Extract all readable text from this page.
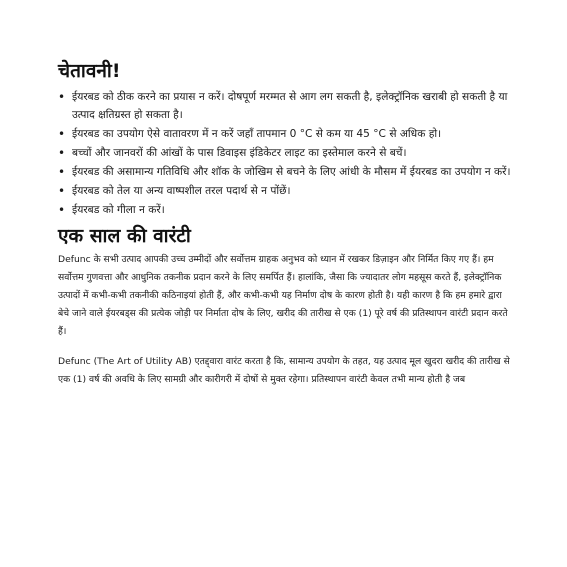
चेतावनी!
• ईयरबड को ठीक करने का प्रयास न करें। दोषपूर्ण मरम्मत से आग लग सकती है, इलेक्ट्रॉनिक खराबी हो सकती है या उत्पाद क्षतिग्रस्त हो सकता है।
• ईयरबड का उपयोग ऐसे वातावरण में न करें जहाँ तापमान 0 °C से कम या 45 °C से अधिक हो।
• बच्चों और जानवरों की आंखों के पास डिवाइस इंडिकेटर लाइट का इस्तेमाल करने से बचें।
• ईयरबड की असामान्य गतिविधि और शॉक के जोखिम से बचने के लिए आंधी के मौसम में ईयरबड का उपयोग न करें।
• ईयरबड को तेल या अन्य वाष्पशील तरल पदार्थ से न पोंछें।
• ईयरबड को गीला न करें।
एक साल की वारंटी

Defunc के सभी उत्पाद आपकी उच्च उम्मीदों और सर्वोत्तम ग्राहक अनुभव को ध्यान में रखकर डिज़ाइन और निर्मित किए गए हैं। हम सर्वोत्तम गुणवत्ता और आधुनिक तकनीक प्रदान करने के लिए समर्पित हैं। हालांकि, जैसा कि ज्यादातर लोग महसूस करते हैं, इलेक्ट्रॉनिक उत्पादों में कभी-कभी तकनीकी कठिनाइयां होती हैं, और कभी-कभी यह निर्माण दोष के कारण होती है। यही कारण है कि हम हमारे द्वारा

बेचे जाने वाले ईयरबड्स की प्रत्येक जोड़ी पर निर्माता दोष के लिए, खरीद की तारीख से एक (1) पूरे वर्ष की प्रतिस्थापन वारंटी प्रदान करते हैं।

Defunc (The Art of Utility AB) एतद्द्वारा वारंट करता है कि, सामान्य उपयोग के तहत, यह उत्पाद मूल खुदरा खरीद की तारीख से एक (1) वर्ष की अवधि के लिए सामग्री और कारीगरी में दोषों से मुक्त रहेगा। प्रतिस्थापन वारंटी केवल तभी मान्य होती है जब
